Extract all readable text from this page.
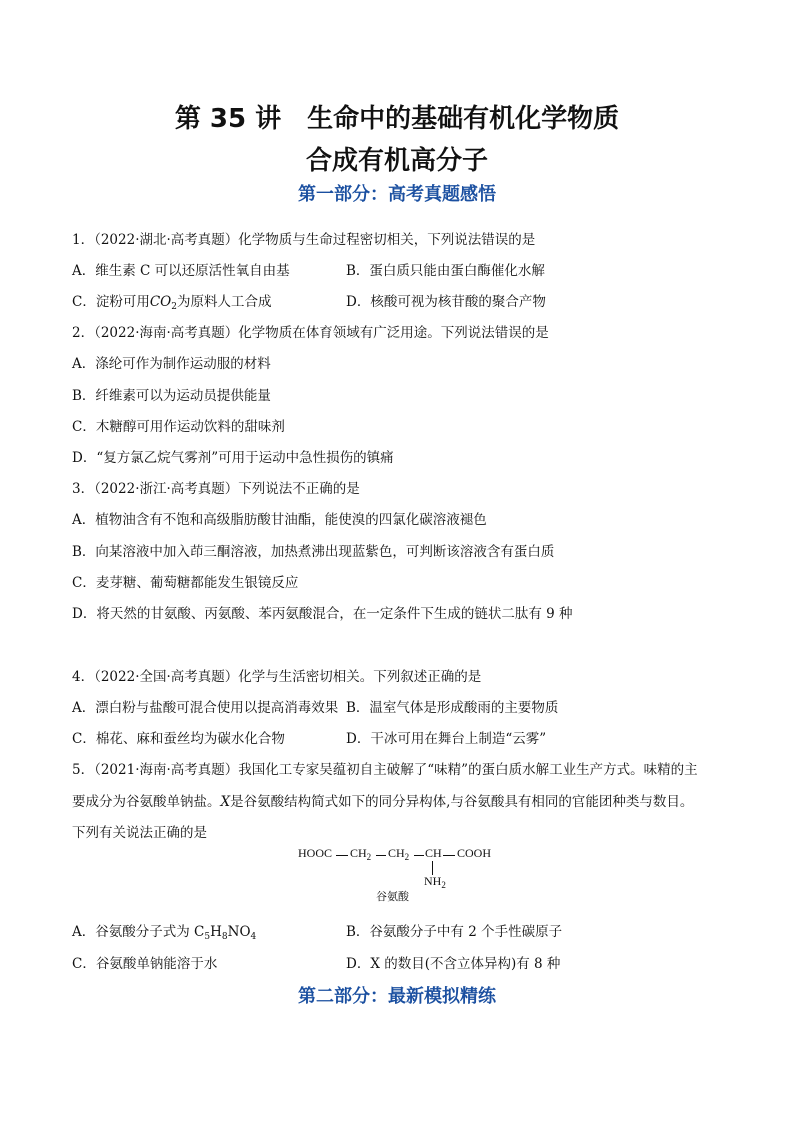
第 35 讲　生命中的基础有机化学物质
合成有机高分子
第一部分：高考真题感悟
1．（2022·湖北·高考真题）化学物质与生命过程密切相关，下列说法错误的是
A．维生素 C 可以还原活性氧自由基	B．蛋白质只能由蛋白酶催化水解
C．淀粉可用$CO_2$为原料人工合成	D．核酸可视为核苷酸的聚合产物
2．（2022·海南·高考真题）化学物质在体育领域有广泛用途。下列说法错误的是
A．涤纶可作为制作运动服的材料
B．纤维素可以为运动员提供能量
C．木糖醇可用作运动饮料的甜味剂
D．“复方氯乙烷气雾剂”可用于运动中急性损伤的镇痛
3．（2022·浙江·高考真题）下列说法不正确的是
A．植物油含有不饱和高级脂肪酸甘油酯，能使溴的四氯化碳溶液褪色
B．向某溶液中加入茚三酮溶液，加热煮沸出现蓝紫色，可判断该溶液含有蛋白质
C．麦芽糖、葡萄糖都能发生银镜反应
D．将天然的甘氨酸、丙氨酸、苯丙氨酸混合，在一定条件下生成的链状二肽有 9 种
4．（2022·全国·高考真题）化学与生活密切相关。下列叙述正确的是
A．漂白粉与盐酸可混合使用以提高消毒效果 B．温室气体是形成酸雨的主要物质
C．棉花、麻和蚕丝均为碳水化合物	D．干冰可用在舞台上制造“云雾”
5．（2021·海南·高考真题）我国化工专家吴蕴初自主破解了“味精”的蛋白质水解工业生产方式。味精的主
要成分为谷氨酸单钠盐。X是谷氨酸结构简式如下的同分异构体,与谷氨酸具有相同的官能团种类与数目。
下列有关说法正确的是
HOOC $CH_2$ $CH_2$ CH COOH
$NH_2$
谷氨酸
A．谷氨酸分子式为 $C_5H_8NO_4$	B．谷氨酸分子中有 2 个手性碳原子
C．谷氨酸单钠能溶于水	D．X 的数目(不含立体异构)有 8 种
第二部分：最新模拟精练
